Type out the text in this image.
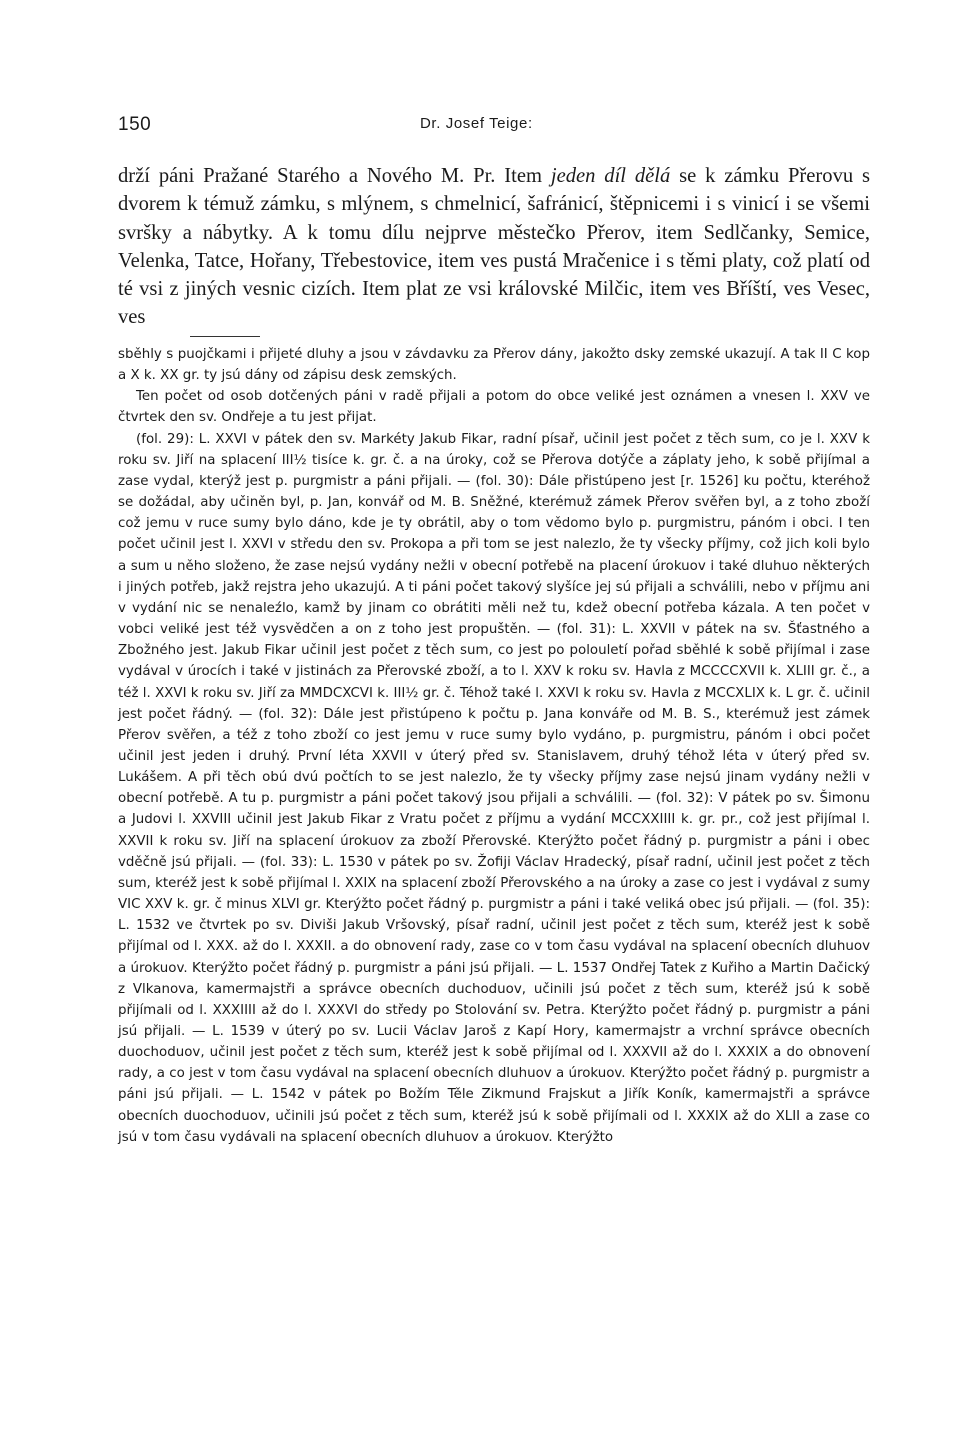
150	Dr. Josef Teige:

drží páni Pražané Starého a Nového M. Pr. Item jeden díl dělá se k zámku Přerovu s dvorem k témuž zámku, s mlýnem, s chmelnicí, šafránicí, štěpnicemi i s vinicí i se všemi svršky a nábytky. A k tomu dílu nejprve městečko Přerov, item Sedlčanky, Semice, Velenka, Tatce, Hořany, Třebestovice, item ves pustá Mračenice i s těmi platy, což platí od té vsi z jiných vesnic cizích. Item plat ze vsi královské Milčic, item ves Bříští, ves Vesec, ves

sběhly s puojčkami i přijeté dluhy a jsou v závdavku za Přerov dány, jakožto dsky zemské ukazují. A tak II C kop a X k. XX gr. ty jsú dány od zápisu desk zemských.

Ten počet od osob dotčených páni v radě přijali a potom do obce veliké jest oznámen a vnesen l. XXV ve čtvrtek den sv. Ondřeje a tu jest přijat.

(fol. 29): L. XXVI v pátek den sv. Markéty Jakub Fikar, radní písař, učinil jest počet z těch sum, co je l. XXV k roku sv. Jiří na splacení III½ tisíce k. gr. č. a na úroky, což se Přerova dotýče a záplaty jeho, k sobě přijímal a zase vydal, kterýž jest p. purgmistr a páni přijali. — (fol. 30): Dále přistúpeno jest [r. 1526] ku počtu, kteréhož se dožádal, aby učiněn byl, p. Jan, konvář od M. B. Sněžné, kterémuž zámek Přerov svěřen byl, a z toho zboží což jemu v ruce sumy bylo dáno, kde je ty obrátil, aby o tom vědomo bylo p. purgmistru, pánóm i obci. I ten počet učinil jest l. XXVI v středu den sv. Prokopa a při tom se jest nalezlo, že ty všecky příjmy, což jich koli bylo a sum u něho složeno, že zase nejsú vydány nežli v obecní potřebě na placení úrokuov i také dluhuo některých i jiných potřeb, jakž rejstra jeho ukazujú. A ti páni počet takový slyšíce jej sú přijali a schválili, nebo v příjmu ani v vydání nic se nenaleźlo, kamž by jinam co obrátiti měli než tu, kdež obecní potřeba kázala. A ten počet v vobci veliké jest též vysvědčen a on z toho jest propuštěn. — (fol. 31): L. XXVII v pátek na sv. Šťastného a Zbožného jest. Jakub Fikar učinil jest počet z těch sum, co jest po polouletí pořad sběhlé k sobě přijímal i zase vydával v úrocích i také v jistinách za Přerovské zboží, a to l. XXV k roku sv. Havla z MCCCCXVII k. XLIII gr. č., a též l. XXVI k roku sv. Jiří za MMDCXCVI k. III½ gr. č. Téhož také l. XXVI k roku sv. Havla z MCCXLIX k. L gr. č. učinil jest počet řádný. — (fol. 32): Dále jest přistúpeno k počtu p. Jana konváře od M. B. S., kterémuž jest zámek Přerov svěřen, a též z toho zboží co jest jemu v ruce sumy bylo vydáno, p. purgmistru, pánóm i obci počet učinil jest jeden i druhý. První léta XXVII v úterý před sv. Stanislavem, druhý téhož léta v úterý před sv. Lukášem. A při těch obú dvú počtích to se jest nalezlo, že ty všecky příjmy zase nejsú jinam vydány nežli v obecní potřebě. A tu p. purgmistr a páni počet takový jsou přijali a schválili. — (fol. 32): V pátek po sv. Šimonu a Judovi l. XXVIII učinil jest Jakub Fikar z Vratu počet z příjmu a vydání MCCXXIIII k. gr. pr., což jest přijímal l. XXVII k roku sv. Jiří na splacení úrokuov za zboží Přerovské. Kterýžto počet řádný p. purgmistr a páni i obec vděčně jsú přijali. — (fol. 33): L. 1530 v pátek po sv. Žofiji Václav Hradecký, písař radní, učinil jest počet z těch sum, kteréž jest k sobě přijímal l. XXIX na splacení zboží Přerovského a na úroky a zase co jest i vydával z sumy VIC XXV k. gr. č minus XLVI gr. Kterýžto počet řádný p. purgmistr a páni i také veliká obec jsú přijali. — (fol. 35): L. 1532 ve čtvrtek po sv. Diviši Jakub Vršovský, písař radní, učinil jest počet z těch sum, kteréž jest k sobě přijímal od l. XXX. až do l. XXXII. a do obnovení rady, zase co v tom času vydával na splacení obecních dluhuov a úrokuov. Kterýžto počet řádný p. purgmistr a páni jsú přijali. — L. 1537 Ondřej Tatek z Kuřiho a Martin Dačický z Vlkanova, kamermajstři a správce obecních duchoduov, učinili jsú počet z těch sum, kteréž jsú k sobě přijímali od l. XXXIIII až do l. XXXVI do středy po Stolování sv. Petra. Kterýžto počet řádný p. purgmistr a páni jsú přijali. — L. 1539 v úterý po sv. Lucii Václav Jaroš z Kapí Hory, kamermajstr a vrchní správce obecních duochoduov, učinil jest počet z těch sum, kteréž jest k sobě přijímal od l. XXXVII až do l. XXXIX a do obnovení rady, a co jest v tom času vydával na splacení obecních dluhuov a úrokuov. Kterýžto počet řádný p. purgmistr a páni jsú přijali. — L. 1542 v pátek po Božím Těle Zikmund Frajskut a Jiřík Koník, kamermajstři a správce obecních duochoduov, učinili jsú počet z těch sum, kteréž jsú k sobě přijímali od l. XXXIX až do XLII a zase co jsú v tom času vydávali na splacení obecních dluhuov a úrokuov. Kterýžto
